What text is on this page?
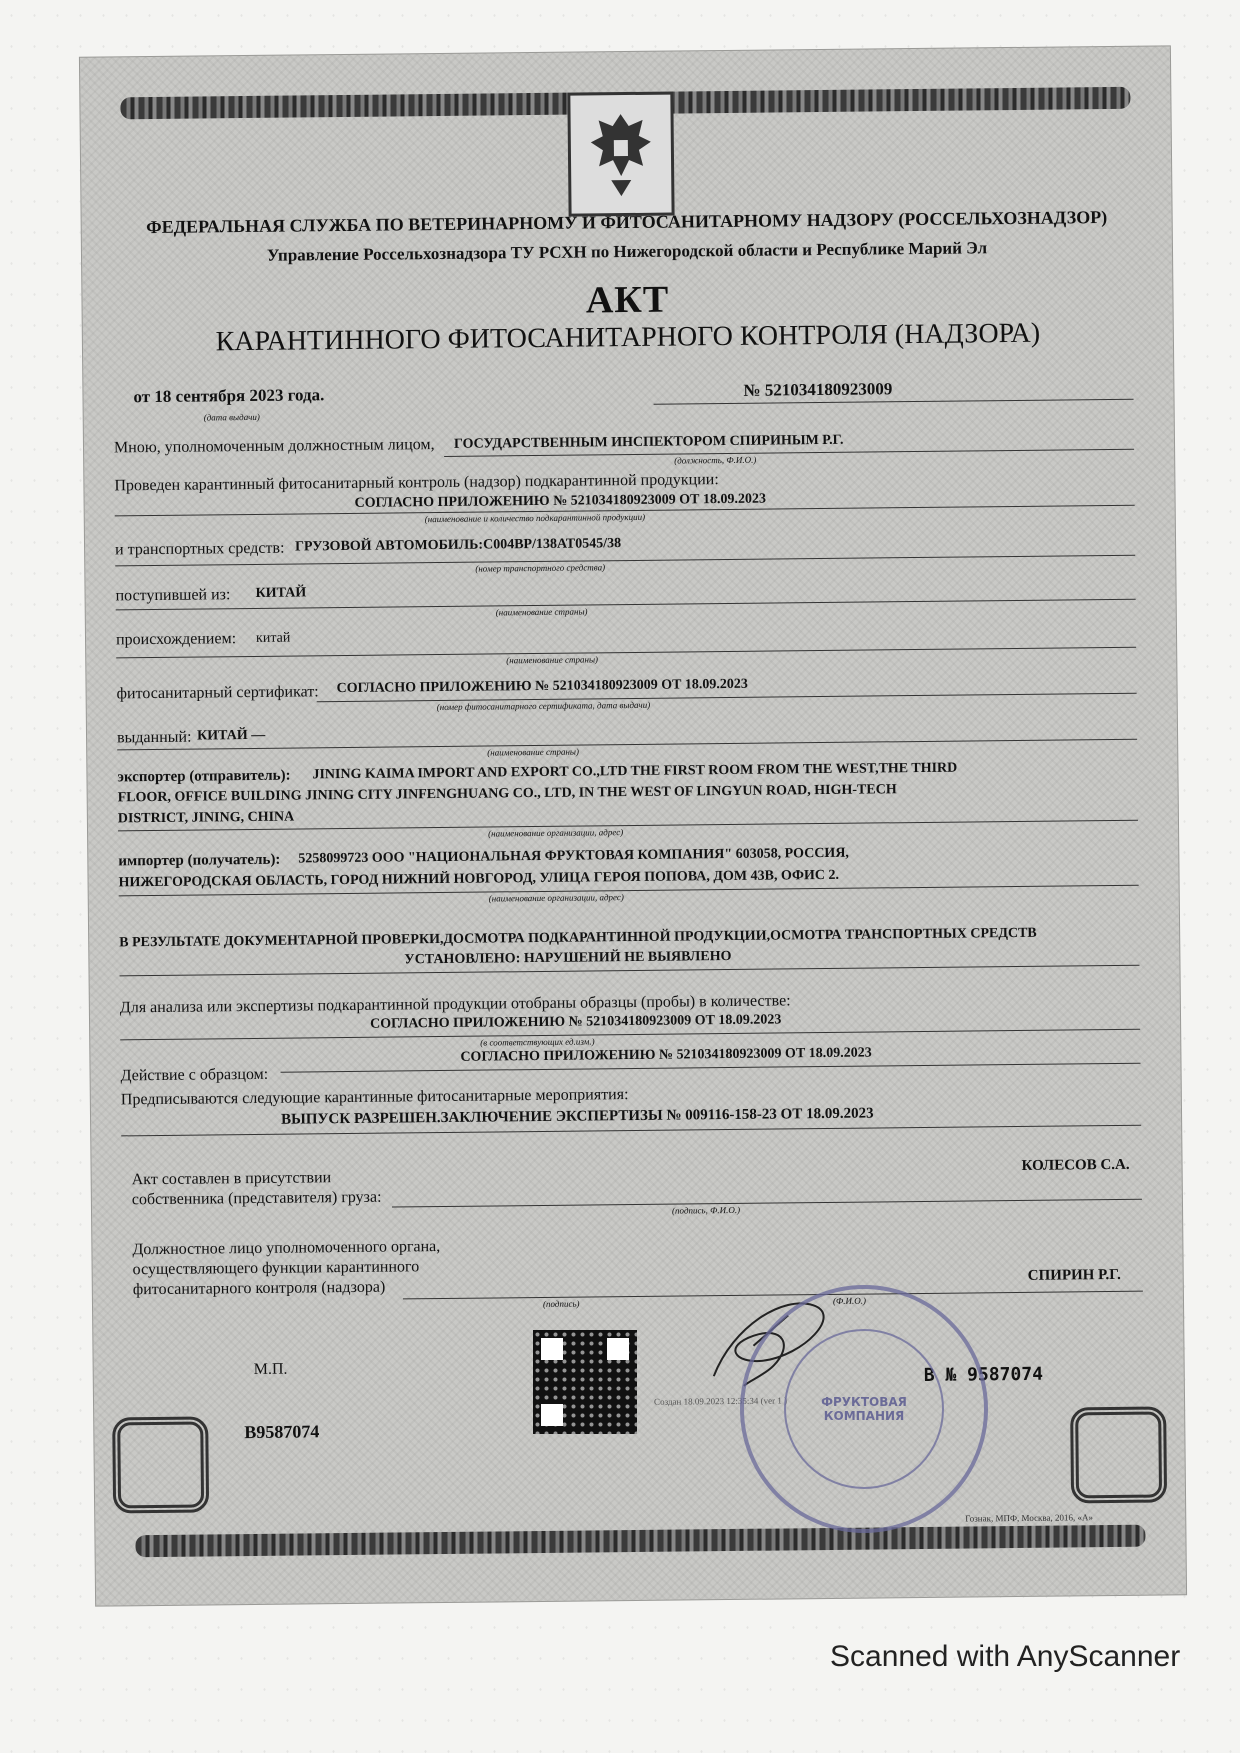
ФЕДЕРАЛЬНАЯ СЛУЖБА ПО ВЕТЕРИНАРНОМУ И ФИТОСАНИТАРНОМУ НАДЗОРУ (РОССЕЛЬХОЗНАДЗОР)
Управление Россельхознадзора ТУ РСХН по Нижегородской области и Республике Марий Эл
АКТ
КАРАНТИННОГО ФИТОСАНИТАРНОГО КОНТРОЛЯ (НАДЗОРА)
от 18 сентября 2023 года.
(дата выдачи)
№ 521034180923009
Мною, уполномоченным должностным лицом, ГОСУДАРСТВЕННЫМ ИНСПЕКТОРОМ СПИРИНЫМ Р.Г.
(должность, Ф.И.О.)
Проведен карантинный фитосанитарный контроль (надзор) подкарантинной продукции:
СОГЛАСНО ПРИЛОЖЕНИЮ № 521034180923009 ОТ 18.09.2023
(наименование и количество подкарантинной продукции)
и транспортных средств: ГРУЗОВОЙ АВТОМОБИЛЬ:С004ВР/138АТ0545/38
(номер транспортного средства)
поступившей из: КИТАЙ
(наименование страны)
происхождением: китай
(наименование страны)
фитосанитарный сертификат: СОГЛАСНО ПРИЛОЖЕНИЮ № 521034180923009 ОТ 18.09.2023
(номер фитосанитарного сертификата, дата выдачи)
выданный: КИТАЙ —
(наименование страны)
экспортер (отправитель): JINING KAIMA IMPORT AND EXPORT CO.,LTD THE FIRST ROOM FROM THE WEST,THE THIRD
FLOOR, OFFICE BUILDING JINING CITY JINFENGHUANG CO., LTD, IN THE WEST OF LINGYUN ROAD, HIGH-TECH
DISTRICT, JINING, CHINA
(наименование организации, адрес)
импортер (получатель): 5258099723 ООО "НАЦИОНАЛЬНАЯ ФРУКТОВАЯ КОМПАНИЯ" 603058, РОССИЯ,
НИЖЕГОРОДСКАЯ ОБЛАСТЬ, ГОРОД НИЖНИЙ НОВГОРОД, УЛИЦА ГЕРОЯ ПОПОВА, ДОМ 43В, ОФИС 2.
(наименование организации, адрес)
В РЕЗУЛЬТАТЕ ДОКУМЕНТАРНОЙ ПРОВЕРКИ,ДОСМОТРА ПОДКАРАНТИННОЙ ПРОДУКЦИИ,ОСМОТРА ТРАНСПОРТНЫХ СРЕДСТВ
УСТАНОВЛЕНО: НАРУШЕНИЙ НЕ ВЫЯВЛЕНО
Для анализа или экспертизы подкарантинной продукции отобраны образцы (пробы) в количестве:
СОГЛАСНО ПРИЛОЖЕНИЮ № 521034180923009 ОТ 18.09.2023
(в соответствующих ед.изм.)
СОГЛАСНО ПРИЛОЖЕНИЮ № 521034180923009 ОТ 18.09.2023
Действие с образцом:
Предписываются следующие карантинные фитосанитарные мероприятия:
ВЫПУСК РАЗРЕШЕН.ЗАКЛЮЧЕНИЕ ЭКСПЕРТИЗЫ № 009116-158-23 ОТ 18.09.2023
Акт составлен в присутствии
собственника (представителя) груза:
(подпись, Ф.И.О.)
КОЛЕСОВ С.А.
Должностное лицо уполномоченного органа,
осуществляющего функции карантинного
фитосанитарного контроля (надзора)
(подпись)	(Ф.И.О.)
СПИРИН Р.Г.
М.П.
В9587074
В № 9587074
Создан 18.09.2023 12:35:34 (ver 1 )
Гознак, МПФ, Москва, 2016, «А»
ФРУКТОВАЯ КОМПАНИЯ
Scanned with AnyScanner
